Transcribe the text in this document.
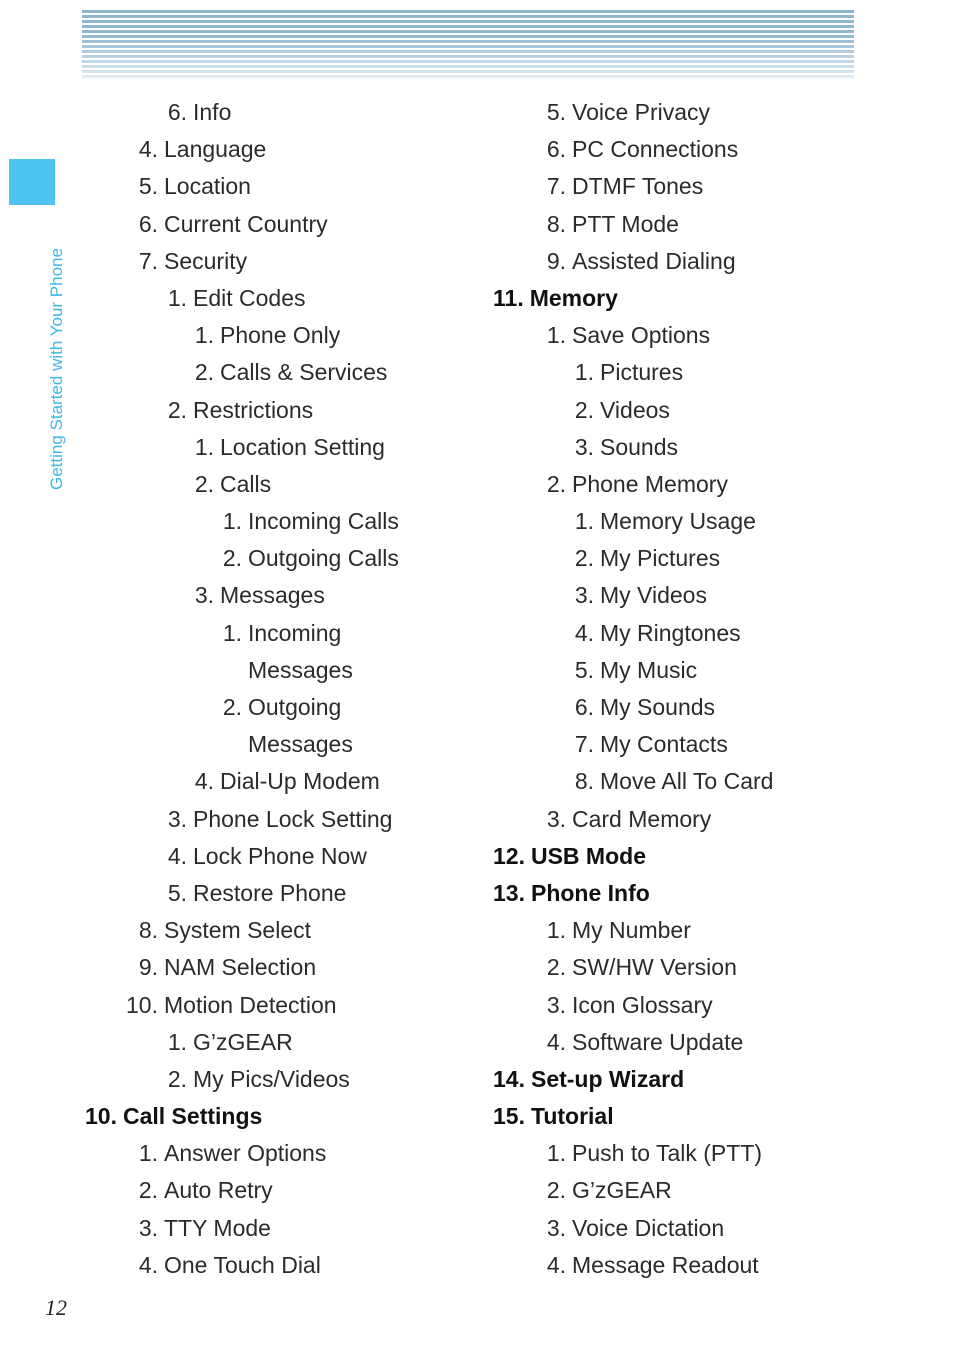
Getting Started with Your Phone
6. Info
4. Language
5. Location
6. Current Country
7. Security
1. Edit Codes
1. Phone Only
2. Calls & Services
2. Restrictions
1. Location Setting
2. Calls
1. Incoming Calls
2. Outgoing Calls
3. Messages
1. Incoming
Messages
2. Outgoing
Messages
4. Dial-Up Modem
3. Phone Lock Setting
4. Lock Phone Now
5. Restore Phone
8. System Select
9. NAM Selection
10. Motion Detection
1. G’zGEAR
2. My Pics/Videos
10. Call Settings
1. Answer Options
2. Auto Retry
3. TTY Mode
4. One Touch Dial
5. Voice Privacy
6. PC Connections
7. DTMF Tones
8. PTT Mode
9. Assisted Dialing
11. Memory
1. Save Options
1. Pictures
2. Videos
3. Sounds
2. Phone Memory
1. Memory Usage
2. My Pictures
3. My Videos
4. My Ringtones
5. My Music
6. My Sounds
7. My Contacts
8. Move All To Card
3. Card Memory
12. USB Mode
13. Phone Info
1. My Number
2. SW/HW Version
3. Icon Glossary
4. Software Update
14. Set-up Wizard
15. Tutorial
1. Push to Talk (PTT)
2. G’zGEAR
3. Voice Dictation
4. Message Readout
12
